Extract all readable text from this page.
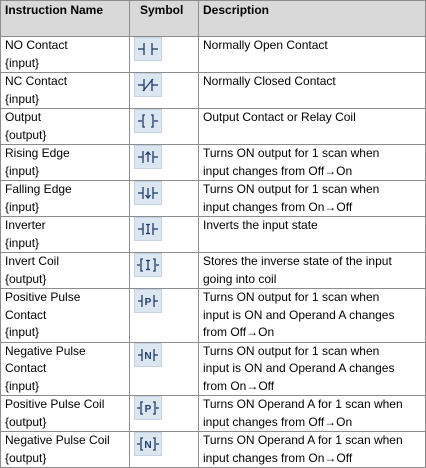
Instruction Name	Symbol	Description
NO Contact
{input}		Normally Open Contact
NC Contact
{input}		Normally Closed Contact
Output
{output}		Output Contact or Relay Coil
Rising Edge
{input}		Turns ON output for 1 scan when
input changes from Off→On
Falling Edge
{input}		Turns ON output for 1 scan when
input changes from On→Off
Inverter
{input}		Inverts the input state
Invert Coil
{output}		Stores the inverse state of the input
going into coil
Positive Pulse
Contact
{input}	P	Turns ON output for 1 scan when
input is ON and Operand A changes
from Off→On
Negative Pulse
Contact
{input}	N	Turns ON output for 1 scan when
input is ON and Operand A changes
from On→Off
Positive Pulse Coil
{output}	P	Turns ON Operand A for 1 scan when
input changes from Off→On
Negative Pulse Coil
{output}	N	Turns ON Operand A for 1 scan when
input changes from On→Off
